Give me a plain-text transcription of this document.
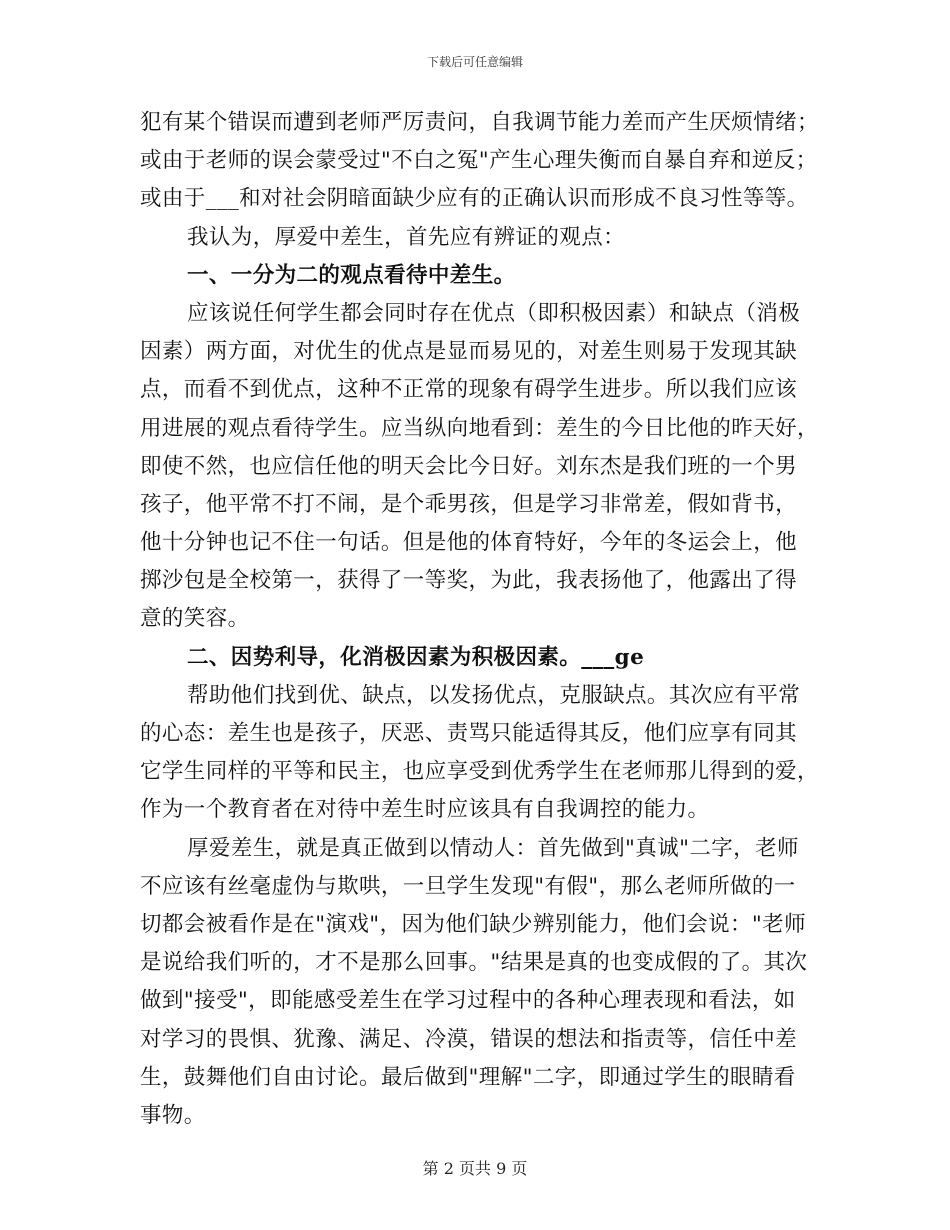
下载后可任意编辑
犯有某个错误而遭到老师严厉责问，自我调节能力差而产生厌烦情绪；
或由于老师的误会蒙受过"不白之冤"产生心理失衡而自暴自弃和逆反；
或由于___和对社会阴暗面缺少应有的正确认识而形成不良习性等等。
我认为，厚爱中差生，首先应有辨证的观点：
一、一分为二的观点看待中差生。
应该说任何学生都会同时存在优点（即积极因素）和缺点（消极
因素）两方面，对优生的优点是显而易见的，对差生则易于发现其缺
点，而看不到优点，这种不正常的现象有碍学生进步。所以我们应该
用进展的观点看待学生。应当纵向地看到：差生的今日比他的昨天好，
即使不然，也应信任他的明天会比今日好。刘东杰是我们班的一个男
孩子，他平常不打不闹，是个乖男孩，但是学习非常差，假如背书，
他十分钟也记不住一句话。但是他的体育特好，今年的冬运会上，他
掷沙包是全校第一，获得了一等奖，为此，我表扬他了，他露出了得
意的笑容。
二、因势利导，化消极因素为积极因素。___ge
帮助他们找到优、缺点，以发扬优点，克服缺点。其次应有平常
的心态：差生也是孩子，厌恶、责骂只能适得其反，他们应享有同其
它学生同样的平等和民主，也应享受到优秀学生在老师那儿得到的爱，
作为一个教育者在对待中差生时应该具有自我调控的能力。
厚爱差生，就是真正做到以情动人：首先做到"真诚"二字，老师
不应该有丝毫虚伪与欺哄，一旦学生发现"有假"，那么老师所做的一
切都会被看作是在"演戏"，因为他们缺少辨别能力，他们会说："老师
是说给我们听的，才不是那么回事。"结果是真的也变成假的了。其次
做到"接受"，即能感受差生在学习过程中的各种心理表现和看法，如
对学习的畏惧、犹豫、满足、冷漠，错误的想法和指责等，信任中差
生，鼓舞他们自由讨论。最后做到"理解"二字，即通过学生的眼睛看
事物。
第 2 页共 9 页
